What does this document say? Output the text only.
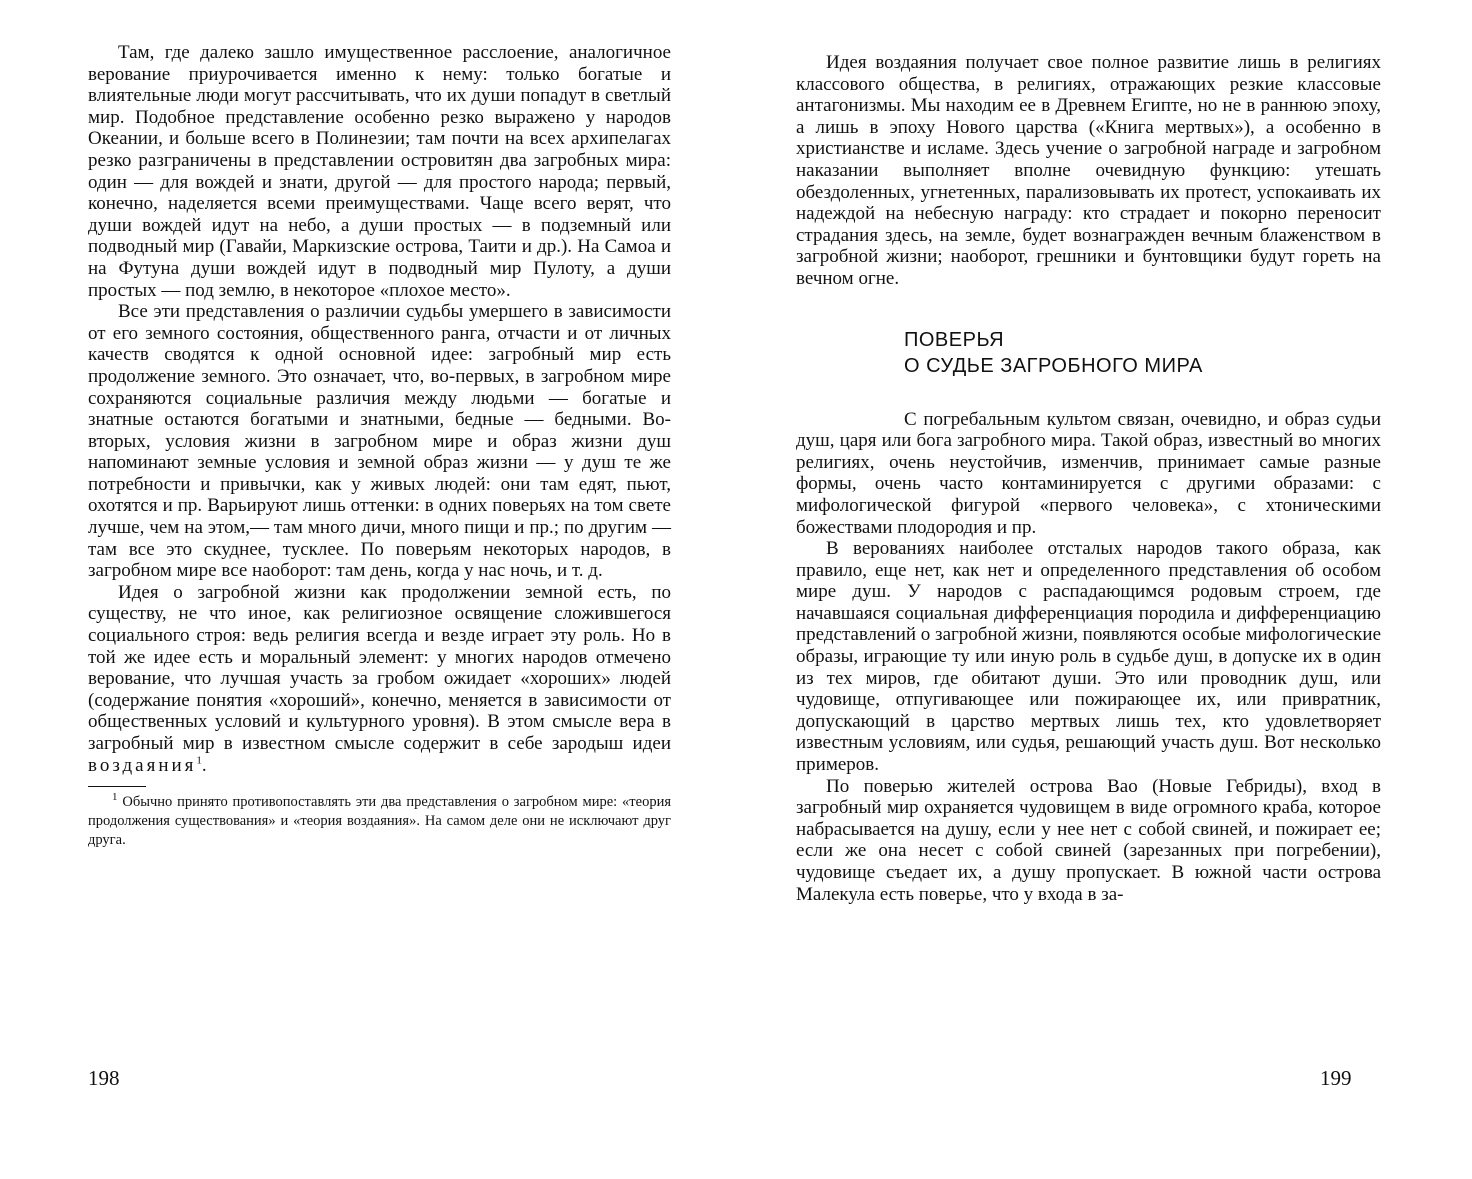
Там, где далеко зашло имущественное расслоение, аналогичное верование приурочивается именно к нему: только богатые и влиятельные люди могут рассчитывать, что их души попадут в светлый мир. Подобное представление особенно резко выражено у народов Океании, и больше всего в Полинезии; там почти на всех архипелагах резко разграничены в представлении островитян два загробных мира: один — для вождей и знати, другой — для простого народа; первый, конечно, наделяется всеми преимуществами. Чаще всего верят, что души вождей идут на небо, а души простых — в подземный или подводный мир (Гавайи, Маркизские острова, Таити и др.). На Самоа и на Футуна души вождей идут в подводный мир Пулоту, а души простых — под землю, в некоторое «плохое место».

Все эти представления о различии судьбы умершего в зависимости от его земного состояния, общественного ранга, отчасти и от личных качеств сводятся к одной основной идее: загробный мир есть продолжение земного. Это означает, что, во-первых, в загробном мире сохраняются социальные различия между людьми — богатые и знатные остаются богатыми и знатными, бедные — бедными. Во-вторых, условия жизни в загробном мире и образ жизни душ напоминают земные условия и земной образ жизни — у душ те же потребности и привычки, как у живых людей: они там едят, пьют, охотятся и пр. Варьируют лишь оттенки: в одних поверьях на том свете лучше, чем на этом,— там много дичи, много пищи и пр.; по другим — там все это скуднее, тусклее. По поверьям некоторых народов, в загробном мире все наоборот: там день, когда у нас ночь, и т. д.

Идея о загробной жизни как продолжении земной есть, по существу, не что иное, как религиозное освящение сложившегося социального строя: ведь религия всегда и везде играет эту роль. Но в той же идее есть и моральный элемент: у многих народов отмечено верование, что лучшая участь за гробом ожидает «хороших» людей (содержание понятия «хороший», конечно, меняется в зависимости от общественных условий и культурного уровня). В этом смысле вера в загробный мир в известном смысле содержит в себе зародыш идеи воздаяния$^1$.

$^1$ Обычно принято противопоставлять эти два представления о загробном мире: «теория продолжения существования» и «теория воздаяния». На самом деле они не исключают друг друга.

198

Идея воздаяния получает свое полное развитие лишь в религиях классового общества, в религиях, отражающих резкие классовые антагонизмы. Мы находим ее в Древнем Египте, но не в раннюю эпоху, а лишь в эпоху Нового царства («Книга мертвых»), а особенно в христианстве и исламе. Здесь учение о загробной награде и загробном наказании выполняет вполне очевидную функцию: утешать обездоленных, угнетенных, парализовывать их протест, успокаивать их надеждой на небесную награду: кто страдает и покорно переносит страдания здесь, на земле, будет вознагражден вечным блаженством в загробной жизни; наоборот, грешники и бунтовщики будут гореть на вечном огне.

ПОВЕРЬЯ
О СУДЬЕ ЗАГРОБНОГО МИРА

С погребальным культом связан, очевидно, и образ судьи душ, царя или бога загробного мира. Такой образ, известный во многих религиях, очень неустойчив, изменчив, принимает самые разные формы, очень часто контаминируется с другими образами: с мифологической фигурой «первого человека», с хтоническими божествами плодородия и пр.

В верованиях наиболее отсталых народов такого образа, как правило, еще нет, как нет и определенного представления об особом мире душ. У народов с распадающимся родовым строем, где начавшаяся социальная дифференциация породила и дифференциацию представлений о загробной жизни, появляются особые мифологические образы, играющие ту или иную роль в судьбе душ, в допуске их в один из тех миров, где обитают души. Это или проводник душ, или чудовище, отпугивающее или пожирающее их, или привратник, допускающий в царство мертвых лишь тех, кто удовлетворяет известным условиям, или судья, решающий участь душ. Вот несколько примеров.

По поверью жителей острова Вао (Новые Гебриды), вход в загробный мир охраняется чудовищем в виде огромного краба, которое набрасывается на душу, если у нее нет с собой свиней, и пожирает ее; если же она несет с собой свиней (зарезанных при погребении), чудовище съедает их, а душу пропускает. В южной части острова Малекула есть поверье, что у входа в за-

199
